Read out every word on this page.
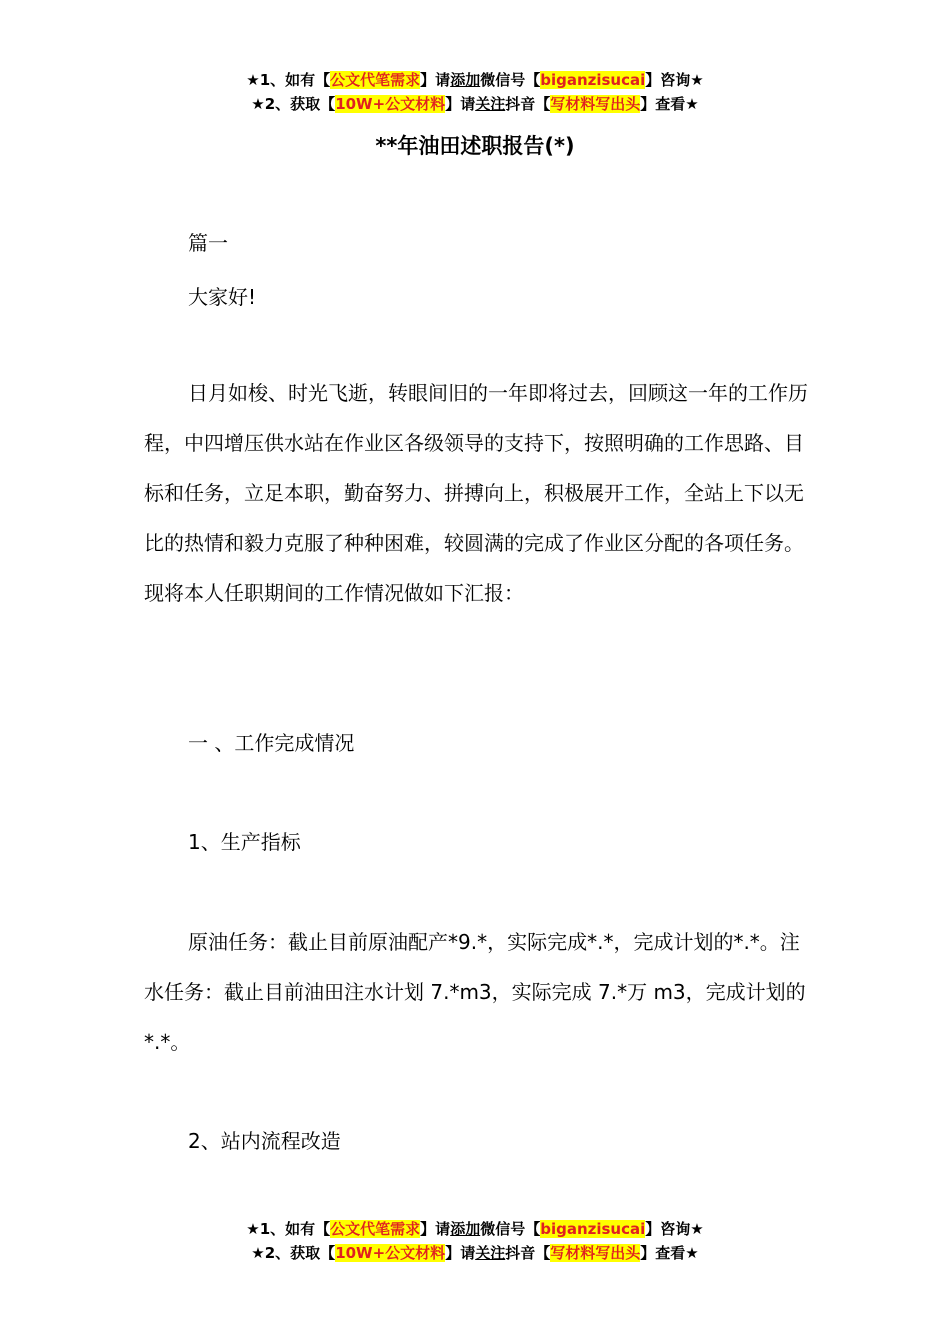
★1、如有【公文代笔需求】请添加微信号【biganzisucai】咨询★
★2、获取【10W+公文材料】请关注抖音【写材料写出头】查看★
**年油田述职报告(*)

篇一

大家好!

日月如梭、时光飞逝，转眼间旧的一年即将过去，回顾这一年的工作历程，中四增压供水站在作业区各级领导的支持下，按照明确的工作思路、目标和任务，立足本职，勤奋努力、拼搏向上，积极展开工作，全站上下以无比的热情和毅力克服了种种困难，较圆满的完成了作业区分配的各项任务。现将本人任职期间的工作情况做如下汇报：

一 、工作完成情况

1、生产指标

原油任务：截止目前原油配产*9.*，实际完成*.*，完成计划的*.*。注水任务：截止目前油田注水计划 7.*m3，实际完成 7.*万 m3，完成计划的*.*。

2、站内流程改造

★1、如有【公文代笔需求】请添加微信号【biganzisucai】咨询★
★2、获取【10W+公文材料】请关注抖音【写材料写出头】查看★
